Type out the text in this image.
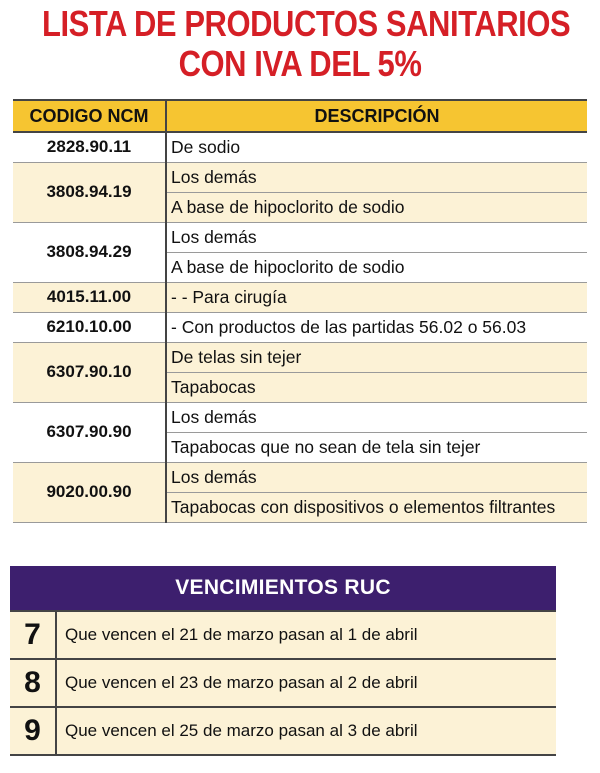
LISTA DE PRODUCTOS SANITARIOS
CON IVA DEL 5%
CODIGO NCM	DESCRIPCIÓN
2828.90.11	De sodio
3808.94.19	Los demás
	A base de hipoclorito de sodio
3808.94.29	Los demás
	A base de hipoclorito de sodio
4015.11.00	- - Para cirugía
6210.10.00	- Con productos de las partidas 56.02 o 56.03
6307.90.10	De telas sin tejer
	Tapabocas
6307.90.90	Los demás
	Tapabocas que no sean de tela sin tejer
9020.00.90	Los demás
	Tapabocas con dispositivos o elementos filtrantes
VENCIMIENTOS RUC	
7	Que vencen el 21 de marzo pasan al 1 de abril
8	Que vencen el 23 de marzo pasan al 2 de abril
9	Que vencen el 25 de marzo pasan al 3 de abril
